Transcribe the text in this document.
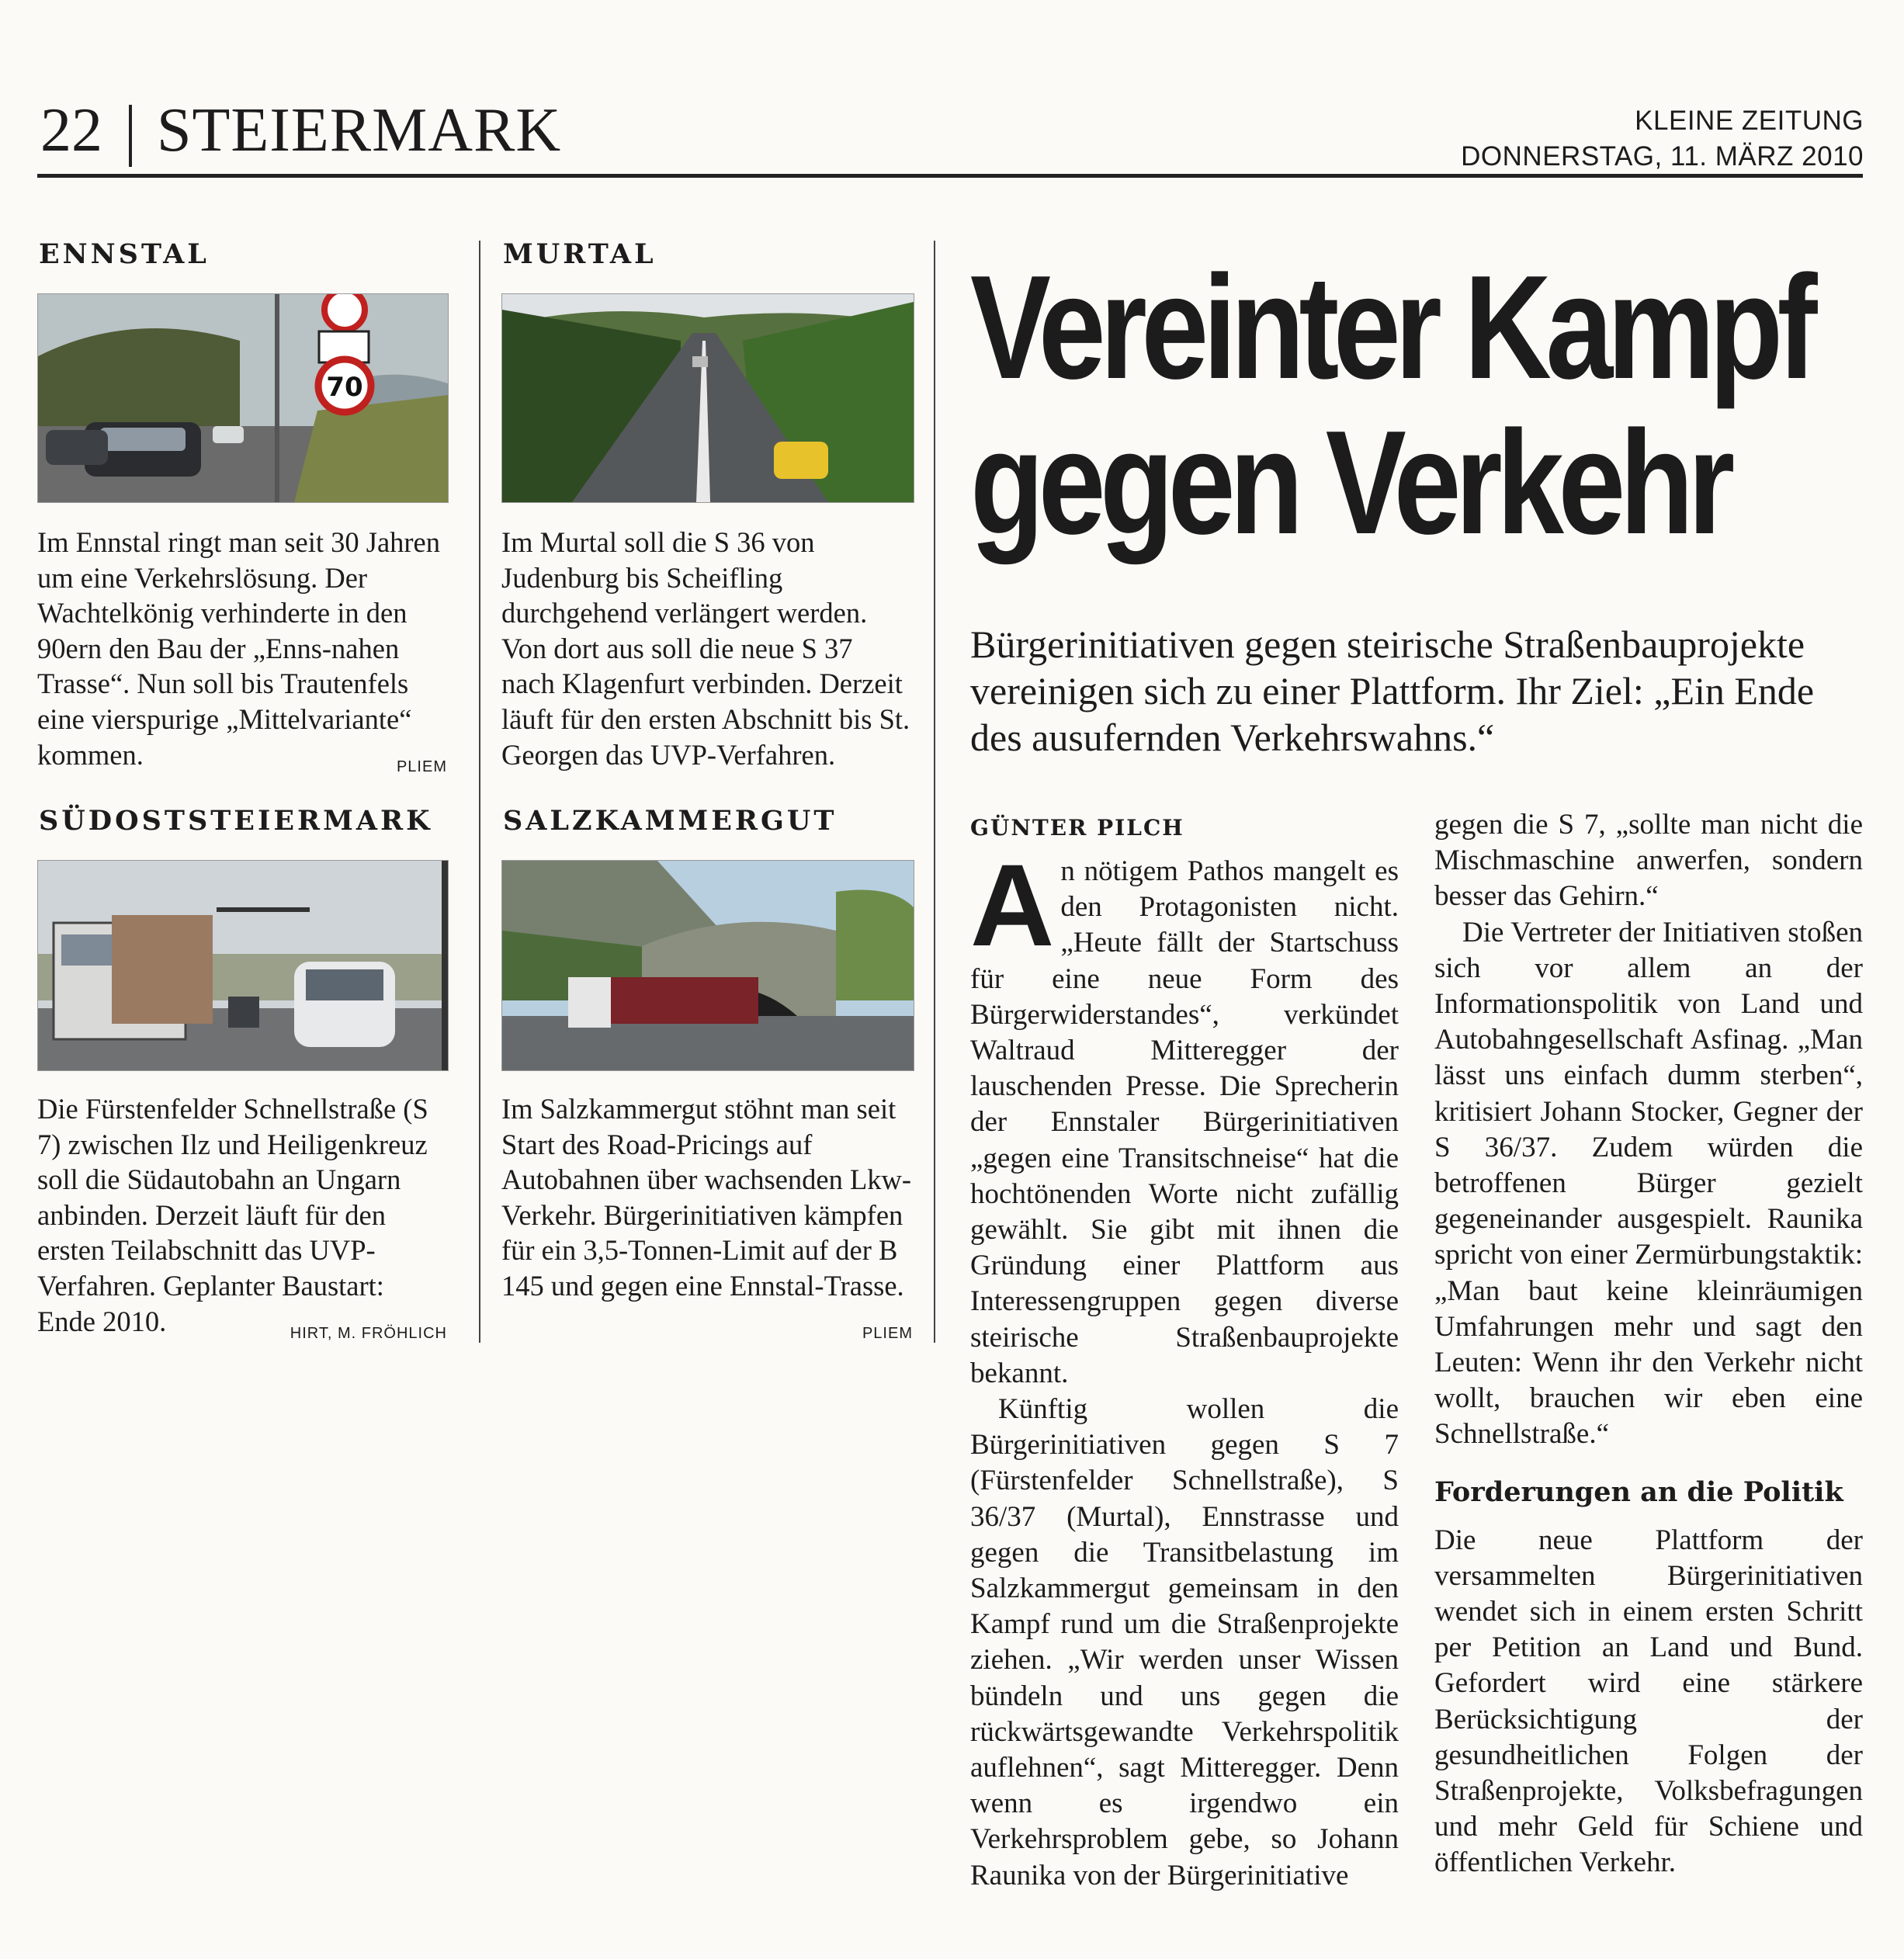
22 STEIERMARK	KLEINE ZEITUNG
DONNERSTAG, 11. MÄRZ 2010
ENNSTAL
70
Im Ennstal ringt man seit 30 Jahren um eine Verkehrslösung. Der Wachtelkönig verhinderte in den 90ern den Bau der „Enns-nahen Trasse“. Nun soll bis Trautenfels eine vierspurige „Mittelvariante“ kommen.	PLIEM
MURTAL
Im Murtal soll die S 36 von Judenburg bis Scheifling durchgehend verlängert werden. Von dort aus soll die neue S 37 nach Klagenfurt verbinden. Derzeit läuft für den ersten Abschnitt bis St. Georgen das UVP-Verfahren.
SÜDOSTSTEIERMARK
Die Fürstenfelder Schnellstraße (S 7) zwischen Ilz und Heiligenkreuz soll die Südautobahn an Ungarn anbinden. Derzeit läuft für den ersten Teilabschnitt das UVP-Verfahren. Geplanter Baustart: Ende 2010.	HIRT, M. FRÖHLICH
SALZKAMMERGUT
Im Salzkammergut stöhnt man seit Start des Road-Pricings auf Autobahnen über wachsenden Lkw-Verkehr. Bürgerinitiativen kämpfen für ein 3,5-Tonnen-Limit auf der B 145 und gegen eine Ennstal-Trasse.
PLIEM
Vereinter Kampf
gegen Verkehr
Bürgerinitiativen gegen steirische Straßenbauprojekte vereinigen sich zu einer Plattform. Ihr Ziel: „Ein Ende des ausufernden Verkehrswahns.“
GÜNTER PILCH

An nötigem Pathos mangelt es den Protagonisten nicht. „Heute fällt der Startschuss für eine neue Form des Bürgerwiderstandes“, verkündet Waltraud Mitteregger der lauschenden Presse. Die Sprecherin der Ennstaler Bürgerinitiativen „gegen eine Transitschneise“ hat die hochtönenden Worte nicht zufällig gewählt. Sie gibt mit ihnen die Gründung einer Plattform aus Interessengruppen gegen diverse steirische Straßenbauprojekte bekannt.

Künftig wollen die Bürgerinitiativen gegen S 7 (Fürstenfelder Schnellstraße), S 36/37 (Murtal), Ennstrasse und gegen die Transitbelastung im Salzkammergut gemeinsam in den Kampf rund um die Straßenprojekte ziehen. „Wir werden unser Wissen bündeln und uns gegen die rückwärtsgewandte Verkehrspolitik auflehnen“, sagt Mitteregger. Denn wenn es irgendwo ein Verkehrsproblem gebe, so Johann Raunika von der Bürgerinitiative

gegen die S 7, „sollte man nicht die Mischmaschine anwerfen, sondern besser das Gehirn.“

Die Vertreter der Initiativen stoßen sich vor allem an der Informationspolitik von Land und Autobahngesellschaft Asfinag. „Man lässt uns einfach dumm sterben“, kritisiert Johann Stocker, Gegner der S 36/37. Zudem würden die betroffenen Bürger gezielt gegeneinander ausgespielt. Raunika spricht von einer Zermürbungstaktik: „Man baut keine kleinräumigen Umfahrungen mehr und sagt den Leuten: Wenn ihr den Verkehr nicht wollt, brauchen wir eben eine Schnellstraße.“

Forderungen an die Politik

Die neue Plattform der versammelten Bürgerinitiativen wendet sich in einem ersten Schritt per Petition an Land und Bund. Gefordert wird eine stärkere Berücksichtigung der gesundheitlichen Folgen der Straßenprojekte, Volksbefragungen und mehr Geld für Schiene und öffentlichen Verkehr.
